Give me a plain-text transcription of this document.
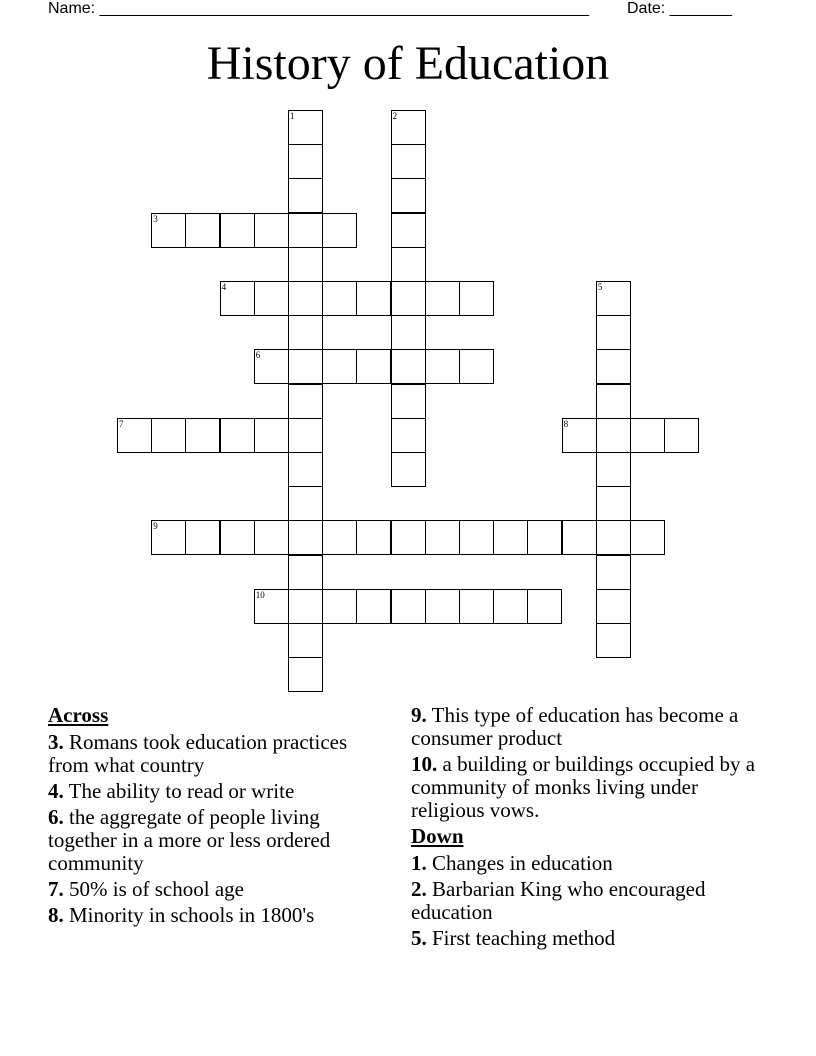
Name: _______________________________________________________ Date: _______
History of Education
1	2
3
4	5
6
7	8
9
10
Across
3. Romans took education practices from what country
4. The ability to read or write
6. the aggregate of people living together in a more or less ordered community
7. 50% is of school age
8. Minority in schools in 1800's
9. This type of education has become a consumer product
10. a building or buildings occupied by a community of monks living under religious vows.
Down
1. Changes in education
2. Barbarian King who encouraged education
5. First teaching method
